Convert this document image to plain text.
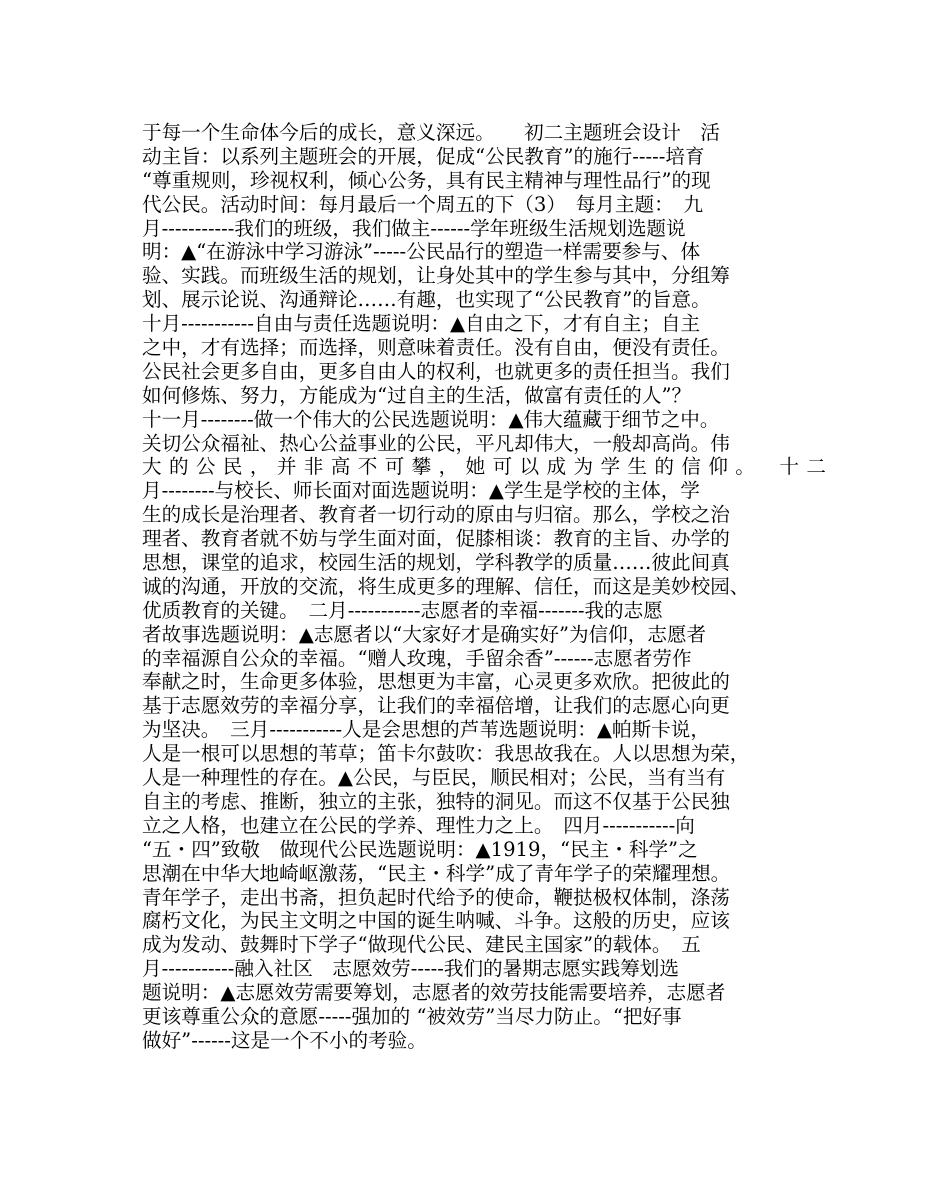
于每一个生命体今后的成长，意义深远。　　初二主题班会设计　活
动主旨：以系列主题班会的开展，促成“公民教育”的施行-----培育
“尊重规则，珍视权利，倾心公务，具有民主精神与理性品行”的现
代公民。活动时间：每月最后一个周五的下（3）　每月主题：　九
月-----------我们的班级，我们做主------学年班级生活规划选题说
明：▲“在游泳中学习游泳”-----公民品行的塑造一样需要参与、体
验、实践。而班级生活的规划，让身处其中的学生参与其中，分组筹
划、展示论说、沟通辩论……有趣，也实现了“公民教育”的旨意。
十月-----------自由与责任选题说明：▲自由之下，才有自主；自主
之中，才有选择；而选择，则意味着责任。没有自由，便没有责任。
公民社会更多自由，更多自由人的权利，也就更多的责任担当。我们
如何修炼、努力，方能成为“过自主的生活，做富有责任的人”？
十一月--------做一个伟大的公民选题说明：▲伟大蕴藏于细节之中。
关切公众福祉、热心公益事业的公民，平凡却伟大，一般却高尚。伟
大的公民，并非高不可攀，她可以成为学生的信仰。　十二
月--------与校长、师长面对面选题说明：▲学生是学校的主体，学
生的成长是治理者、教育者一切行动的原由与归宿。那么，学校之治
理者、教育者就不妨与学生面对面，促膝相谈：教育的主旨、办学的
思想，课堂的追求，校园生活的规划，学科教学的质量……彼此间真
诚的沟通，开放的交流，将生成更多的理解、信任，而这是美妙校园、
优质教育的关键。　二月-----------志愿者的幸福-------我的志愿
者故事选题说明：▲志愿者以“大家好才是确实好”为信仰，志愿者
的幸福源自公众的幸福。“赠人玫瑰，手留余香”------志愿者劳作
奉献之时，生命更多体验，思想更为丰富，心灵更多欢欣。把彼此的
基于志愿效劳的幸福分享，让我们的幸福倍增，让我们的志愿心向更
为坚决。　三月-----------人是会思想的芦苇选题说明：▲帕斯卡说，
人是一根可以思想的苇草；笛卡尔鼓吹：我思故我在。人以思想为荣，
人是一种理性的存在。▲公民，与臣民，顺民相对；公民，当有当有
自主的考虑、推断，独立的主张，独特的洞见。而这不仅基于公民独
立之人格，也建立在公民的学养、理性力之上。　四月-----------向
“五・四”致敬　做现代公民选题说明：▲1919，“民主・科学”之
思潮在中华大地崎岖激荡，“民主・科学”成了青年学子的荣耀理想。
青年学子，走出书斋，担负起时代给予的使命，鞭挞极权体制，涤荡
腐朽文化，为民主文明之中国的诞生呐喊、斗争。这般的历史，应该
成为发动、鼓舞时下学子“做现代公民、建民主国家”的载体。　五
月-----------融入社区　志愿效劳-----我们的暑期志愿实践筹划选
题说明：▲志愿效劳需要筹划，志愿者的效劳技能需要培养，志愿者
更该尊重公众的意愿-----强加的 “被效劳”当尽力防止。“把好事
做好”------这是一个不小的考验。
